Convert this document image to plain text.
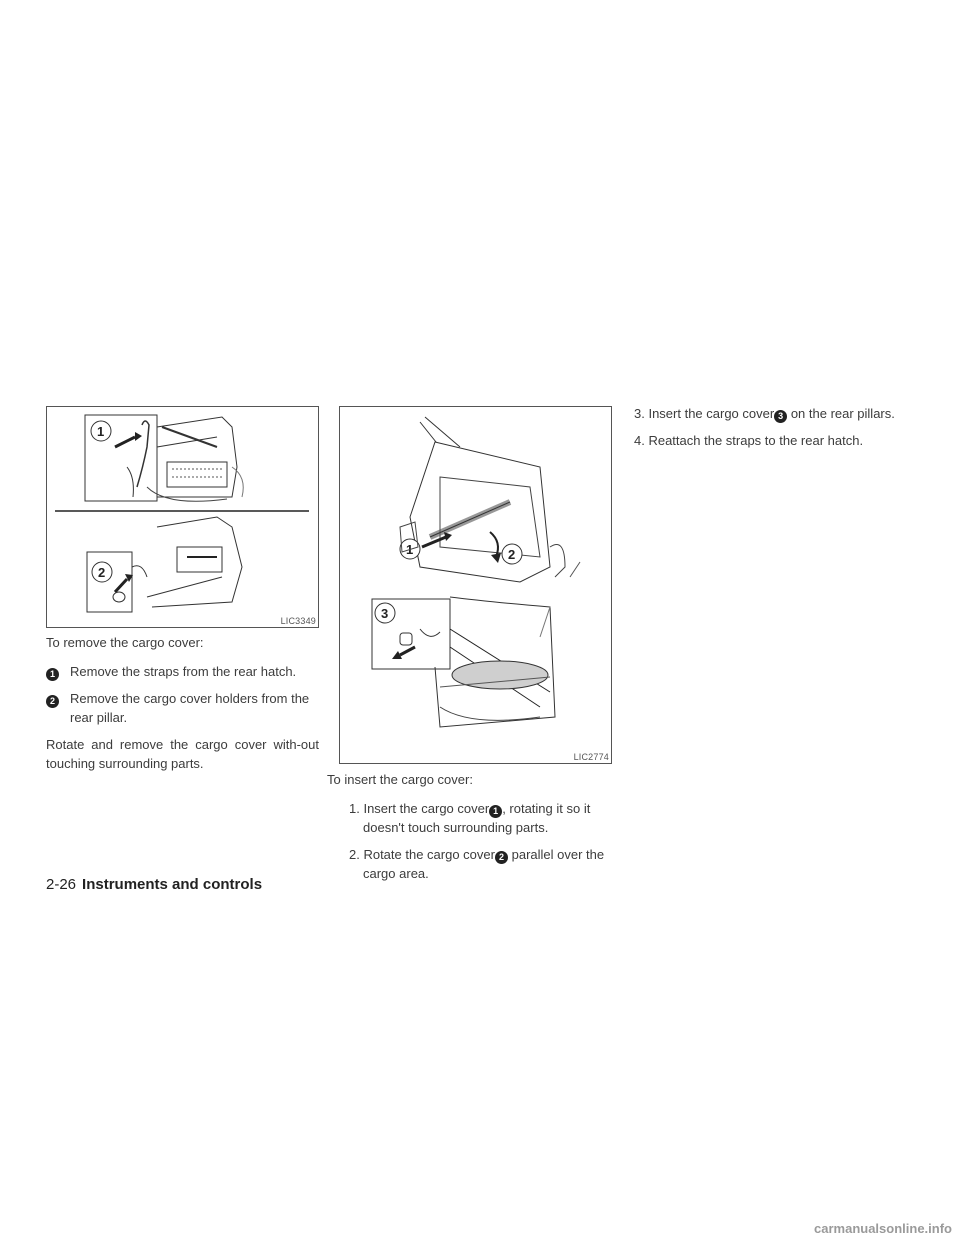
1
2
LIC3349
1	2
3
LIC2774

To remove the cargo cover:

1	Remove the straps from the rear hatch.
2	Remove the cargo cover holders from the rear pillar.

Rotate and remove the cargo cover with-out touching surrounding parts.

To insert the cargo cover:

1. Insert the cargo cover 1 , rotating it so it doesn't touch surrounding parts.
2. Rotate the cargo cover 2 parallel over the cargo area.
3. Insert the cargo cover 3 on the rear pillars.
4. Reattach the straps to the rear hatch.
2-26 Instruments and controls
carmanualsonline.info
